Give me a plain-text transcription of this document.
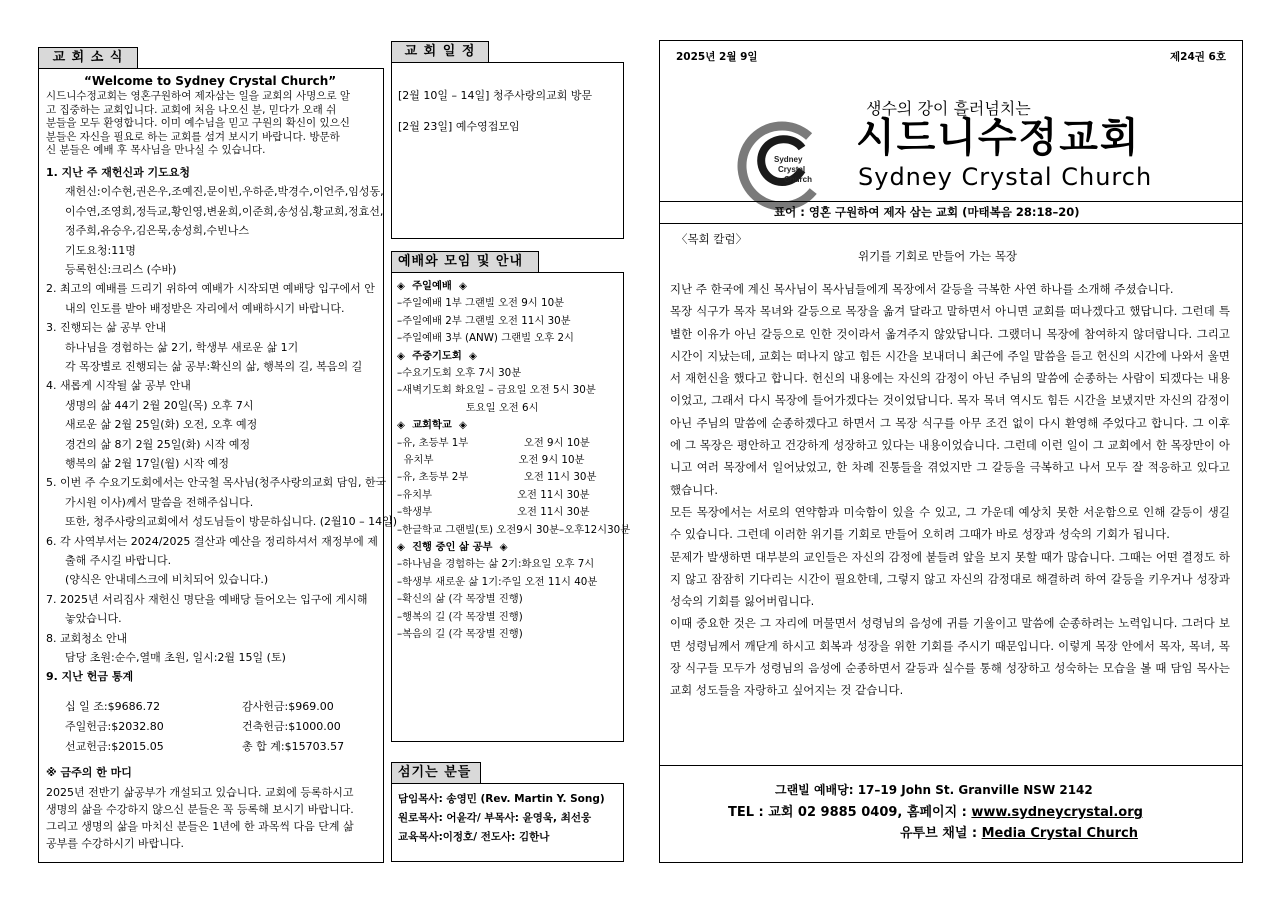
교 회 소 식
“Welcome to Sydney Crystal Church”
시드니수정교회는 영혼구원하여 제자삼는 일을 교회의 사명으로 알
고 집중하는 교회입니다. 교회에 처음 나오신 분, 믿다가 오래 쉬
분들을 모두 환영합니다. 이미 예수님을 믿고 구원의 확신이 있으신
분들은 자신을 필요로 하는 교회를 섬겨 보시기 바랍니다. 방문하
신 분들은 예배 후 목사님을 만나실 수 있습니다.
1. 지난 주 재헌신과 기도요청
재헌신:이수현,권은우,조예진,문이빈,우하준,박경수,이언주,임성동,
이수연,조영희,정득교,황인영,변윤희,이준희,송성심,황교희,정효선,
정주희,유승우,김은묵,송성희,수빈나스
기도요청:11명
등록헌신:크리스 (수바)
2. 최고의 예배를 드리기 위하여 예배가 시작되면 예배당 입구에서 안
내의 인도를 받아 배정받은 자리에서 예배하시기 바랍니다.
3. 진행되는 삶 공부 안내
하나님을 경험하는 삶 2기, 학생부 새로운 삶 1기
각 목장별로 진행되는 삶 공부:확신의 삶, 행복의 길, 복음의 길
4. 새롭게 시작될 삶 공부 안내
생명의 삶 44기 2월 20일(목) 오후 7시
새로운 삶 2월 25일(화) 오전, 오후 예정
경건의 삶 8기 2월 25일(화) 시작 예정
행복의 삶 2월 17일(월) 시작 예정
5. 이번 주 수요기도회에서는 안국철 목사님(청주사랑의교회 담임, 한국
가시원 이사)께서 말씀을 전해주십니다.
또한, 청주사랑의교회에서 성도님들이 방문하십니다. (2월10 – 14일)
6. 각 사역부서는 2024/2025 결산과 예산을 정리하셔서 재정부에 제
출해 주시길 바랍니다.
(양식은 안내데스크에 비치되어 있습니다.)
7. 2025년 서리집사 재헌신 명단을 예배당 들어오는 입구에 게시해
놓았습니다.
8. 교회청소 안내
담당 초원:순수,열매 초원, 일시:2월 15일 (토)
9. 지난 헌금 통계
십 일 조:$9686.72	감사헌금:$969.00
주일헌금:$2032.80	건축헌금:$1000.00
선교헌금:$2015.05	총 합 계:$15703.57
※ 금주의 한 마디
2025년 전반기 삶공부가 개설되고 있습니다. 교회에 등록하시고
생명의 삶을 수강하지 않으신 분들은 꼭 등록해 보시기 바랍니다.
그리고 생명의 삶을 마치신 분들은 1년에 한 과목씩 다음 단계 삶
공부를 수강하시기 바랍니다.
교 회 일 정
[2월 10일 – 14일] 청주사랑의교회 방문
[2월 23일] 예수영접모임
예배와 모임 및 안내
◈  주일예배  ◈
–주일예배 1부 그랜빌 오전 9시 10분
–주일예배 2부 그랜빌 오전 11시 30분
–주일예배 3부 (ANW) 그랜빌 오후 2시
◈  주중기도회  ◈
–수요기도회 오후 7시 30분
–새벽기도회 화요일 – 금요일 오전 5시 30분
토요일 오전 6시
◈  교회학교  ◈
–유, 초등부 1부                 오전 9시 10분
유치부                          오전 9시 10분
–유, 초등부 2부                 오전 11시 30분
–유치부                          오전 11시 30분
–학생부                          오전 11시 30분
–한글학교 그랜빌(토) 오전9시 30분–오후12시30분
◈  진행 중인 삶 공부  ◈
–하나님을 경험하는 삶 2기:화요일 오후 7시
–학생부 새로운 삶 1기:주일 오전 11시 40분
–확신의 삶 (각 목장별 진행)
–행복의 길 (각 목장별 진행)
–복음의 길 (각 목장별 진행)
섬기는 분들
담임목사: 송영민 (Rev. Martin Y. Song)
원로목사: 어윤각/ 부목사: 윤영욱, 최선웅
교육목사:이정호/ 전도사: 김한나
2025년 2월 9일	제24권 6호
Sydney
Crystal
Church
생수의 강이 흘러넘치는
시드니수정교회
Sydney Crystal Church
표어 : 영혼 구원하여 제자 삼는 교회 (마태복음 28:18–20)
〈목회 칼럼〉
위기를 기회로 만들어 가는 목장

지난 주 한국에 계신 목사님이 목사님들에게 목장에서 갈등을 극복한 사연 하나를 소개해 주셨습니다.

목장 식구가 목자 목녀와 갈등으로 목장을 옮겨 달라고 말하면서 아니면 교회를 떠나겠다고 했답니다. 그런데 특별한 이유가 아닌 갈등으로 인한 것이라서 옮겨주지 않았답니다. 그랬더니 목장에 참여하지 않더랍니다. 그리고 시간이 지났는데, 교회는 떠나지 않고 힘든 시간을 보내더니 최근에 주일 말씀을 듣고 헌신의 시간에 나와서 울면서 재헌신을 했다고 합니다. 헌신의 내용에는 자신의 감정이 아닌 주님의 말씀에 순종하는 사람이 되겠다는 내용이었고, 그래서 다시 목장에 들어가겠다는 것이었답니다. 목자 목녀 역시도 힘든 시간을 보냈지만 자신의 감정이 아닌 주님의 말씀에 순종하겠다고 하면서 그 목장 식구를 아무 조건 없이 다시 환영해 주었다고 합니다. 그 이후에 그 목장은 평안하고 건강하게 성장하고 있다는 내용이었습니다. 그런데 이런 일이 그 교회에서 한 목장만이 아니고 여러 목장에서 일어났었고, 한 차례 진통들을 겪었지만 그 갈등을 극복하고 나서 모두 잘 적응하고 있다고 했습니다.

모든 목장에서는 서로의 연약함과 미숙함이 있을 수 있고, 그 가운데 예상치 못한 서운함으로 인해 갈등이 생길 수 있습니다. 그런데 이러한 위기를 기회로 만들어 오히려 그때가 바로 성장과 성숙의 기회가 됩니다.

문제가 발생하면 대부분의 교인들은 자신의 감정에 붙들려 앞을 보지 못할 때가 많습니다. 그때는 어떤 결정도 하지 않고 잠잠히 기다리는 시간이 필요한데, 그렇지 않고 자신의 감정대로 해결하려 하여 갈등을 키우거나 성장과 성숙의 기회를 잃어버립니다.

이때 중요한 것은 그 자리에 머물면서 성령님의 음성에 귀를 기울이고 말씀에 순종하려는 노력입니다. 그러다 보면 성령님께서 깨닫게 하시고 회복과 성장을 위한 기회를 주시기 때문입니다. 이렇게 목장 안에서 목자, 목녀, 목장 식구들 모두가 성령님의 음성에 순종하면서 갈등과 실수를 통해 성장하고 성숙하는 모습을 볼 때 담임 목사는 교회 성도들을 자랑하고 싶어지는 것 같습니다.

그랜빌 예배당: 17–19 John St. Granville NSW 2142
TEL : 교회 02 9885 0409, 홈페이지 : www.sydneycrystal.org
유투브 채널 : Media Crystal Church
